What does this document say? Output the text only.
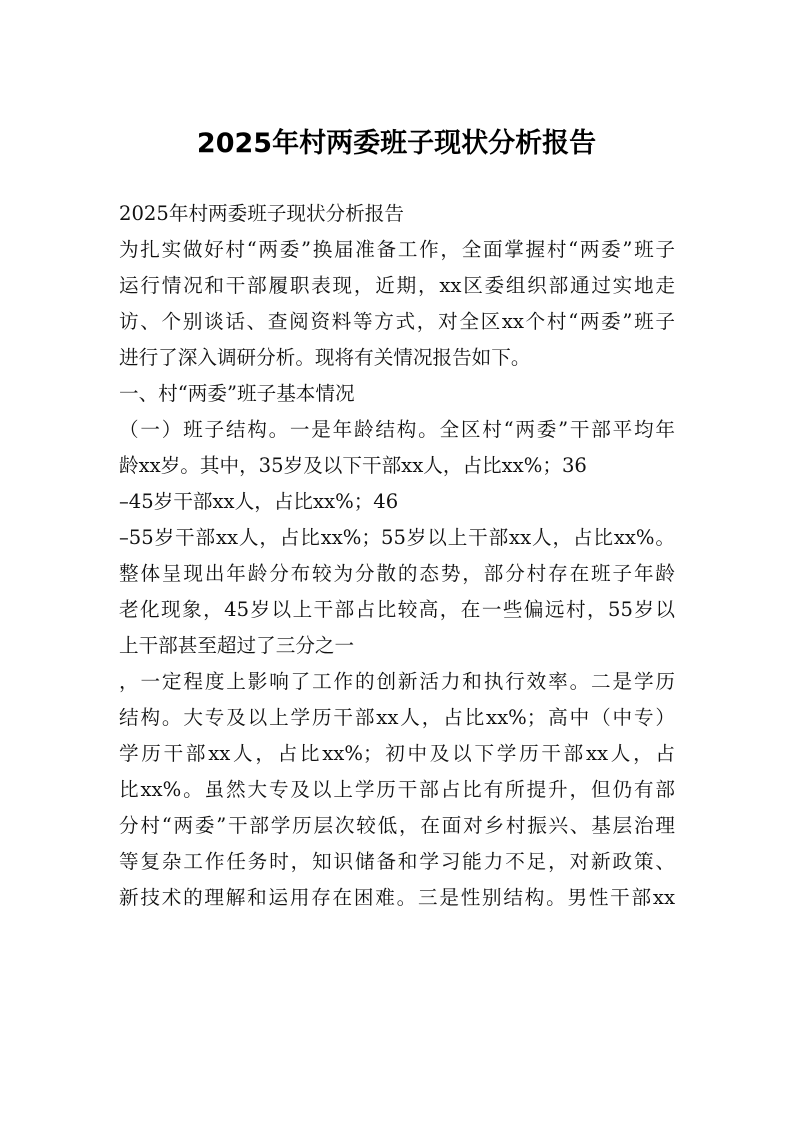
2025年村两委班子现状分析报告
2025年村两委班子现状分析报告
为扎实做好村“两委”换届准备工作，全面掌握村“两委”班子
运行情况和干部履职表现，近期，xx区委组织部通过实地走
访、个别谈话、查阅资料等方式，对全区xx个村“两委”班子
进行了深入调研分析。现将有关情况报告如下。
一、村“两委”班子基本情况
（一）班子结构。一是年龄结构。全区村“两委”干部平均年
龄xx岁。其中，35岁及以下干部xx人，占比xx%；36
–45岁干部xx人，占比xx%；46
–55岁干部xx人，占比xx%；55岁以上干部xx人，占比xx%。
整体呈现出年龄分布较为分散的态势，部分村存在班子年龄
老化现象，45岁以上干部占比较高，在一些偏远村，55岁以
上干部甚至超过了三分之一
，一定程度上影响了工作的创新活力和执行效率。二是学历
结构。大专及以上学历干部xx人，占比xx%；高中（中专）
学历干部xx人，占比xx%；初中及以下学历干部xx人，占
比xx%。虽然大专及以上学历干部占比有所提升，但仍有部
分村“两委”干部学历层次较低，在面对乡村振兴、基层治理
等复杂工作任务时，知识储备和学习能力不足，对新政策、
新技术的理解和运用存在困难。三是性别结构。男性干部xx
